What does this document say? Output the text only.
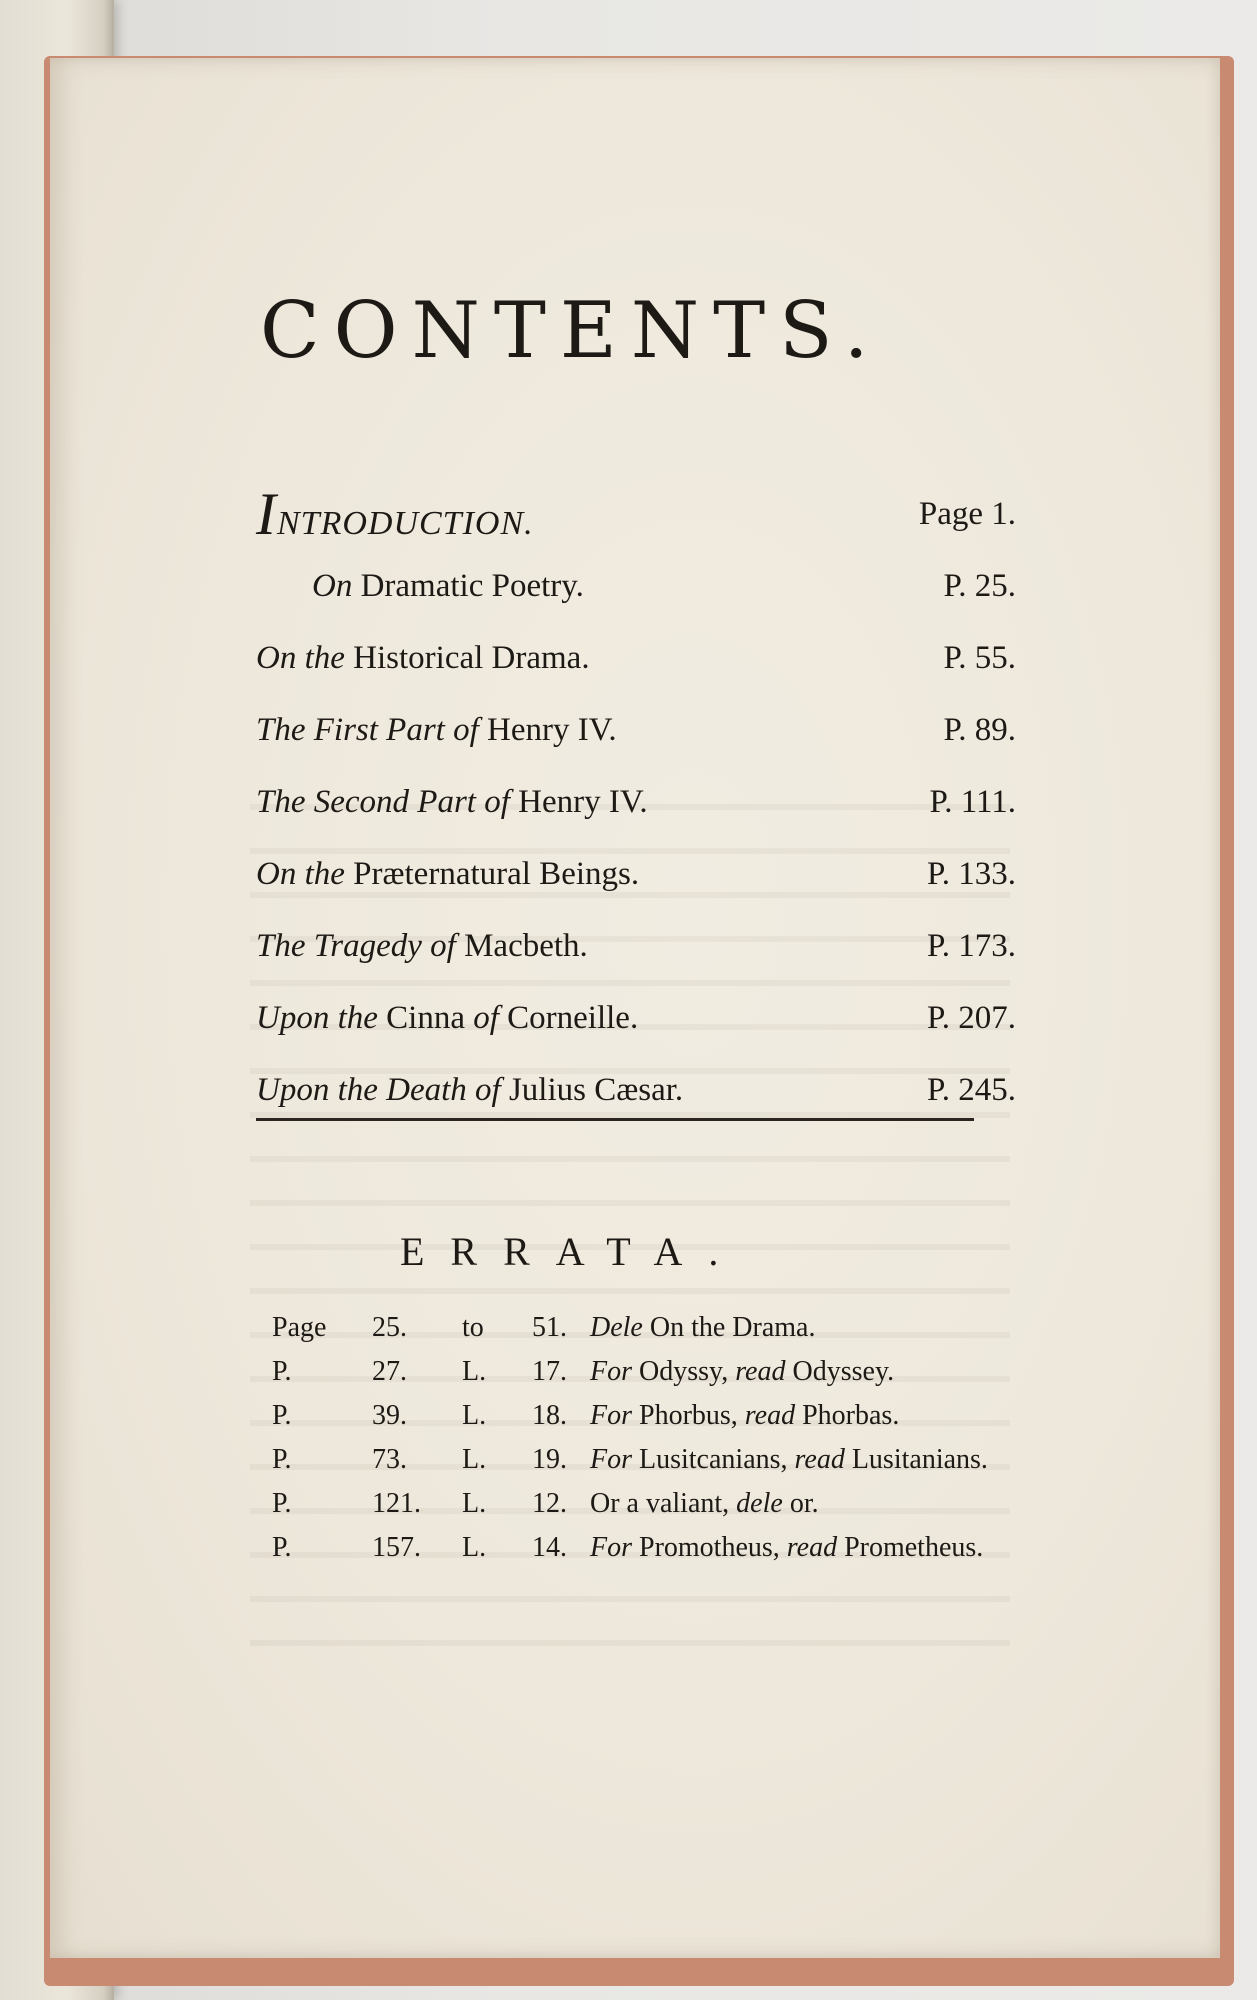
CONTENTS.
INTRODUCTION.	Page 1.
On Dramatic Poetry.	P. 25.
On the Historical Drama.	P. 55.
The First Part of Henry IV.	P. 89.
The Second Part of Henry IV.	P. 111.
On the Præternatural Beings.	P. 133.
The Tragedy of Macbeth.	P. 173.
Upon the Cinna of Corneille.	P. 207.
Upon the Death of Julius Cæsar.	P. 245.
ERRATA.
Page	25.	to	51. Dele On the Drama.
P.	27.	L.	17. For Odyssy, read Odyssey.
P.	39.	L.	18. For Phorbus, read Phorbas.
P.	73.	L.	19. For Lusitcanians, read Lusitanians.
P.	121.	L.	12. Or a valiant, dele or.
P.	157.	L.	14. For Promotheus, read Prometheus.
